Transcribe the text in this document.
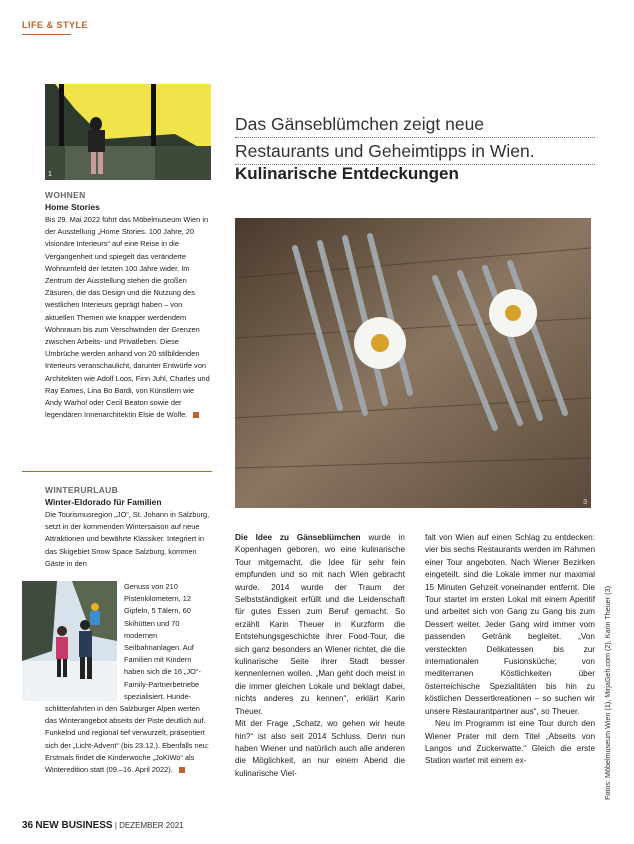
LIFE & STYLE
1
WOHNEN
Home Stories
Bis 29. Mai 2022 führt das Möbelmuseum Wien in der Ausstellung „Home Stories. 100 Jahre, 20 visionäre Interieurs“ auf eine Reise in die Vergangenheit und spiegelt das veränderte Wohnumfeld der letzten 100 Jahre wider. Im Zentrum der Ausstellung stehen die großen Zäsuren, die das Design und die Nutzung des westlichen Interieurs geprägt haben – von aktuellen Themen wie knapper werdendem Wohnraum bis zum Verschwinden der Grenzen zwischen Arbeits- und Privatleben. Diese Umbrüche werden anhand von 20 stilbildenden Interieurs veranschaulicht, darunter Entwürfe von Architekten wie Adolf Loos, Finn Juhl, Charles und Ray Eames, Lina Bo Bardi, von Künstlern wie Andy Warhol oder Cecil Beaton sowie der legendären Innenarchitektin Elsie de Wolfe.
WINTERURLAUB
Winter-Eldorado für Familien
Die Tourismusregion „JO“, St. Johann in Salzburg, setzt in der kommenden Wintersaison auf neue Attraktionen und bewährte Klassiker. Integriert in das Skigebiet Snow Space Salzburg, kommen Gäste in den
2
Genuss von 210 Pistenkilometern, 12 Gipfeln, 5 Tälern, 60 Skihütten und 70 modernen Seilbahnanlagen. Auf Familien mit Kindern haben sich die 16 „JO“-Family-Partnerbetriebe spezialisiert. Hunde-
schlittenfahrten in den Salzburger Alpen werten das Winterangebot abseits der Piste deutlich auf. Funkelnd und regional tief verwurzelt, präsentiert sich der „Licht-Advent“ (bis 23.12.). Ebenfalls neu: Erstmals findet die Kinderwoche „JoKiWo“ als Winteredition statt (09.–16. April 2022).
Das Gänseblümchen zeigt neue
Restaurants und Geheimtipps in Wien.
Kulinarische Entdeckungen
3
Die Idee zu Gänseblümchen wurde in Kopenhagen geboren, wo eine kulinarische Tour mitgemacht, die Idee für sehr fein empfunden und so mit nach Wien gebracht wurde. 2014 wurde der Traum der Selbstständigkeit erfüllt und die Leidenschaft für gutes Essen zum Beruf gemacht. So erzählt Karin Theuer in Kurzform die Entstehungsgeschichte ihrer Food-Tour, die sich ganz besonders an Wiener richtet, die die kulinarische Seite ihrer Stadt besser kennenlernen wollen. „Man geht doch meist in die immer gleichen Lokale und beklagt dabei, nichts anderes zu kennen“, erklärt Karin Theuer.
Mit der Frage „Schatz, wo gehen wir heute hin?“ ist also seit 2014 Schluss. Denn nun haben Wiener und natürlich auch alle anderen die Möglichkeit, an nur einem Abend die kulinarische Viel-
falt von Wien auf einen Schlag zu entdecken: vier bis sechs Restaurants werden im Rahmen einer Tour angeboten. Nach Wiener Bezirken eingeteilt, sind die Lokale immer nur maximal 15 Minuten Gehzeit voneinander entfernt. Die Tour startet im ersten Lokal mit einem Aperitif und arbeitet sich von Gang zu Gang bis zum Dessert weiter. Jeder Gang wird immer vom passenden Getränk begleitet. „Von versteckten Delikatessen bis zur internationalen Fusionsküche; von mediterranen Köstlichkeiten über österreichische Spezialitäten bis hin zu köstlichen Dessertkreationen – so suchen wir unsere Restaurantpartner aus“, so Theuer.
Neu im Programm ist eine Tour durch den Wiener Prater mit dem Titel „Abseits von Langos und Zuckerwatte.“ Gleich die erste Station wartet mit einem ex-	Fotos: Möbelmuseum Wien (1), MirjaGeh.com (2), Karin Theuer (3)
36 NEW BUSINESS | DEZEMBER 2021
